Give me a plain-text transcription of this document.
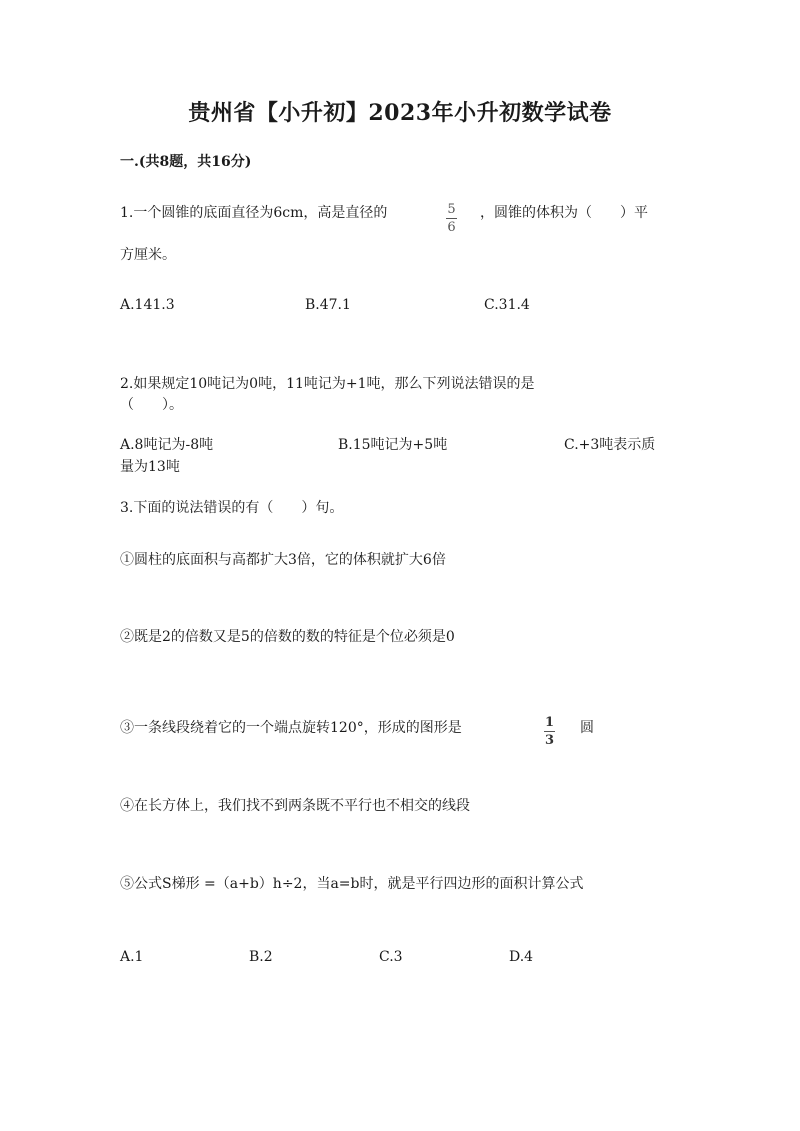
贵州省【小升初】2023年小升初数学试卷
一.(共8题，共16分)
1.一个圆锥的底面直径为6cm，高是直径的	$\frac{5}{6}$ ，圆锥的体积为（　　）平
方厘米。
A.141.3	B.47.1	C.31.4
2.如果规定10吨记为0吨，11吨记为+1吨，那么下列说法错误的是
（　　）。
A.8吨记为-8吨	B.15吨记为+5吨	C.+3吨表示质
量为13吨
3.下面的说法错误的有（　　）句。
①圆柱的底面积与高都扩大3倍，它的体积就扩大6倍
②既是2的倍数又是5的倍数的数的特征是个位必须是0
③一条线段绕着它的一个端点旋转120°，形成的图形是	$\frac{1}{3}$ 圆
④在长方体上，我们找不到两条既不平行也不相交的线段
⑤公式S梯形 =（a+b）h÷2，当a=b时，就是平行四边形的面积计算公式
A.1	B.2	C.3	D.4
